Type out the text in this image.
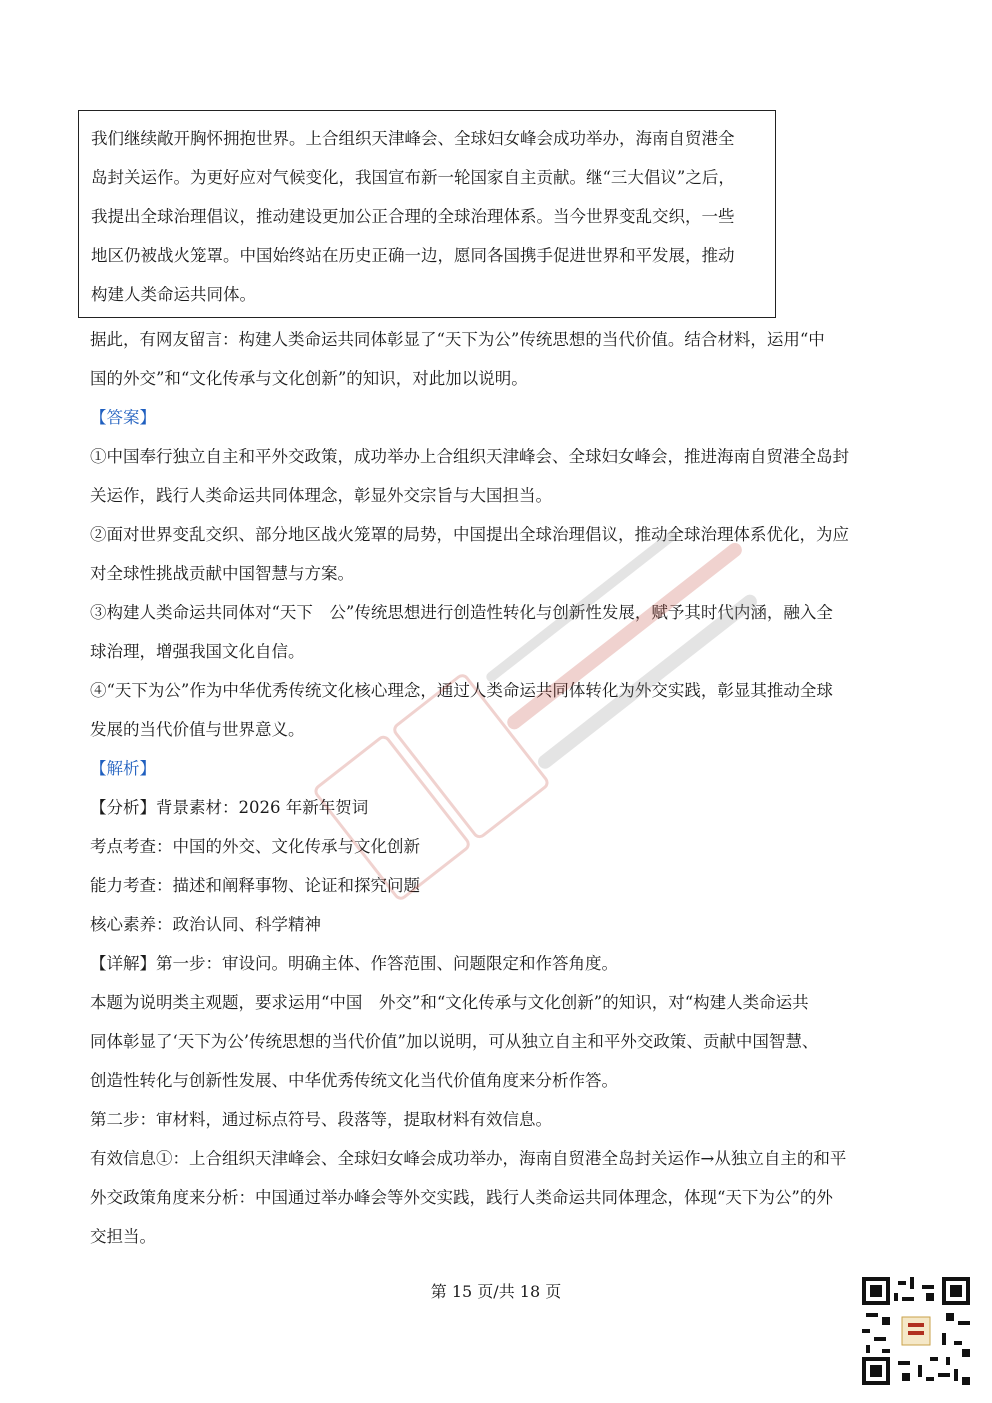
我们继续敞开胸怀拥抱世界。上合组织天津峰会、全球妇女峰会成功举办，海南自贸港全
岛封关运作。为更好应对气候变化，我国宣布新一轮国家自主贡献。继“三大倡议”之后，
我提出全球治理倡议，推动建设更加公正合理的全球治理体系。当今世界变乱交织，一些
地区仍被战火笼罩。中国始终站在历史正确一边，愿同各国携手促进世界和平发展，推动
构建人类命运共同体。
据此，有网友留言：构建人类命运共同体彰显了“天下为公”传统思想的当代价值。结合材料，运用“中
国的外交”和“文化传承与文化创新”的知识，对此加以说明。
【答案】
①中国奉行独立自主和平外交政策，成功举办上合组织天津峰会、全球妇女峰会，推进海南自贸港全岛封
关运作，践行人类命运共同体理念，彰显外交宗旨与大国担当。
②面对世界变乱交织、部分地区战火笼罩的局势，中国提出全球治理倡议，推动全球治理体系优化，为应
对全球性挑战贡献中国智慧与方案。
③构建人类命运共同体对“天下　公”传统思想进行创造性转化与创新性发展，赋予其时代内涵，融入全
球治理，增强我国文化自信。
④“天下为公”作为中华优秀传统文化核心理念，通过人类命运共同体转化为外交实践，彰显其推动全球
发展的当代价值与世界意义。
【解析】
【分析】背景素材：2026 年新年贺词
考点考查：中国的外交、文化传承与文化创新
能力考查：描述和阐释事物、论证和探究问题
核心素养：政治认同、科学精神
【详解】第一步：审设问。明确主体、作答范围、问题限定和作答角度。
本题为说明类主观题，要求运用“中国　外交”和“文化传承与文化创新”的知识，对“构建人类命运共
同体彰显了‘天下为公’传统思想的当代价值”加以说明，可从独立自主和平外交政策、贡献中国智慧、
创造性转化与创新性发展、中华优秀传统文化当代价值角度来分析作答。
第二步：审材料，通过标点符号、段落等，提取材料有效信息。
有效信息①：上合组织天津峰会、全球妇女峰会成功举办，海南自贸港全岛封关运作→从独立自主的和平
外交政策角度来分析：中国通过举办峰会等外交实践，践行人类命运共同体理念，体现“天下为公”的外
交担当。
第 15 页/共 18 页
